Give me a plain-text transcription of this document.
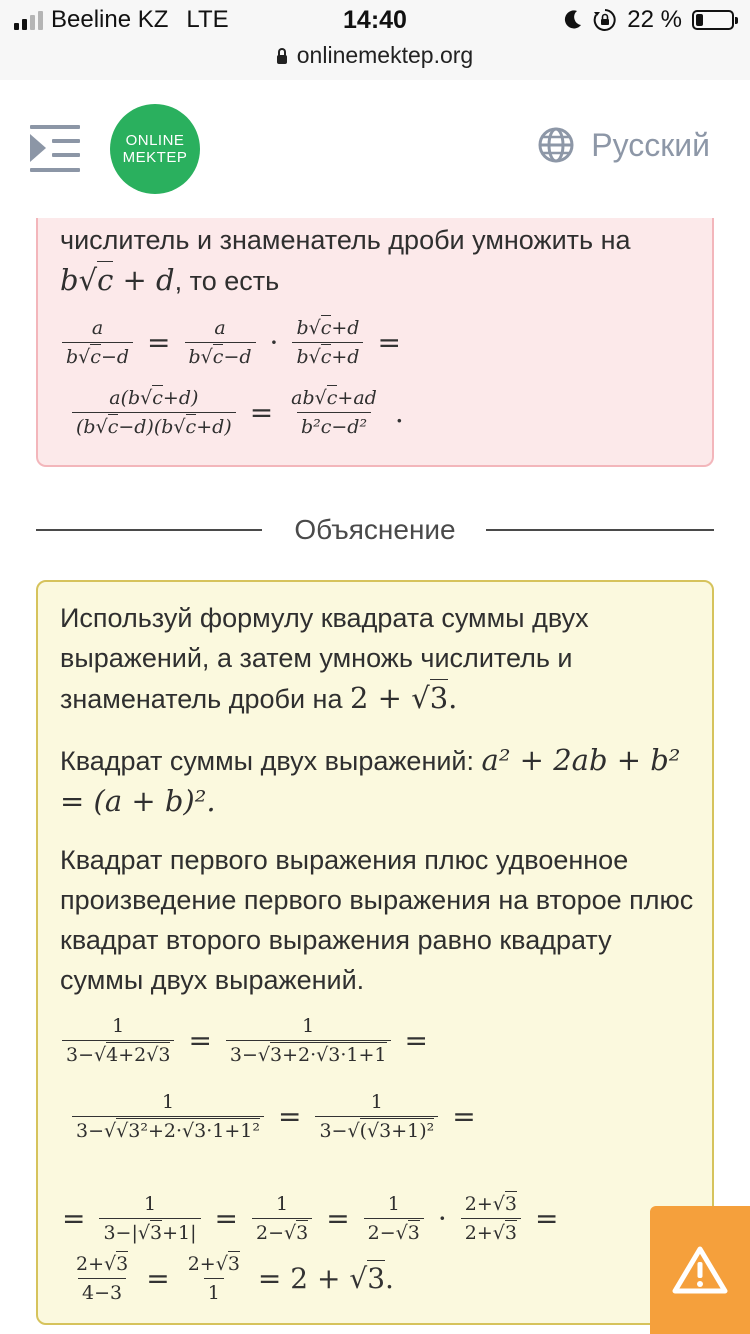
Beeline KZ LTE	14:40	22 %
onlinemektep.org
ONLINE
MEKTEP	Русский

числитель и знаменатель дроби умножить на

b√c + d, то есть
$\frac{a}{b√c-d} = \frac{a}{b√c-d} \cdot \frac{b√c+d}{b√c+d}$ =
$\frac{a(b√c+d)}{(b√c-d)(b√c+d)} = \frac{ab√c+ad}{\text{b²c−d²}}$ .
Объяснение
Используй формулу квадрата суммы двух выражений, а затем умножь числитель и знаменатель дроби на 2 + √3.
Квадрат суммы двух выражений: a² + 2ab + b² = (a + b)².
Квадрат первого выражения плюс удвоенное произведение первого выражения на второе плюс квадрат второго выражения равно квадрату суммы двух выражений.
$\frac{1}{3-√4+2√3} = \frac{1}{3-√3+2\cdot√3\cdot 1+1}$ =
$\frac{1}{\text{3−√√3²+2·√3·1+1²}} = \frac{1}{\text{3−√(√3+1)²}}$ =
= $\frac{1}{3-|√3+1|} = \frac{1}{2-√3} = \frac{1}{2-√3} \cdot \frac{2+√3}{2+√3}$ =
$\frac{2+√3}{4-3} = \frac{2+√3}{1} = 2 + √3$.
